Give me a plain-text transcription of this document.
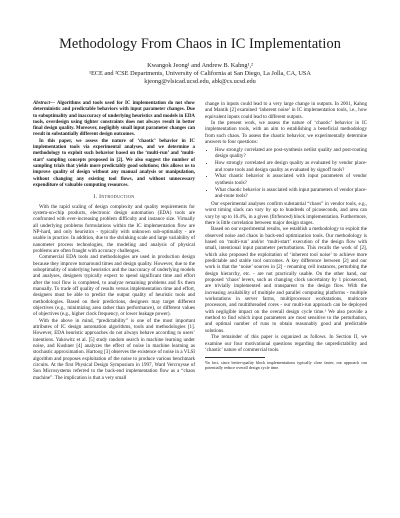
Methodology From Chaos in IC Implementation
Kwangok Jeong¹ and Andrew B. Kahng¹,²
¹ECE and ²CSE Departments, University of California at San Diego, La Jolla, CA, USA
kjeong@vlsicad.ucsd.edu, abk@cs.ucsd.edu

Abstract— Algorithms and tools used for IC implementation do not show deterministic and predictable behaviors with input parameter changes. Due to suboptimality and inaccuracy of underlying heuristics and models in EDA tools, overdesign using tighter constraints does not always result in better final design quality. Moreover, negligibly small input parameter changes can result in substantially different design outcomes.

In this paper, we assess the nature of ‘chaotic’ behavior in IC implementation tools via experimental analyses, and we determine a methodology to exploit such behavior based on the ‘multi-run’ and ‘multi-start’ sampling concepts proposed in [2]. We also suggest the number of sampling trials that yields more predictably good solutions; this allows us to improve quality of design without any manual analysis or manipulation, without changing any existing tool flows, and without unnecessary expenditure of valuable computing resources.

I. Introduction

With the rapid scaling of design complexity and quality requirements for system-on-chip products, electronic design automation (EDA) tools are confronted with ever-increasing problem difficulty and instance size. Virtually all underlying problems formulations within the IC implementation flow are NP-hard, and only heuristics - typically with unknown sub-optimality - are usable in practice. In addition, due to the shrinking scale and large variability of nanometer process technologies, the modeling and analysis of physical problems are often fraught with accuracy challenges.

Commercial EDA tools and methodologies are used in production design because they improve turnaround times and design quality. However, due to the suboptimality of underlying heuristics and the inaccuracy of underlying models and analyses, designers typically expect to spend significant time and effort after the tool flow is completed, to analyze remaining problems and fix them manually. To trade off quality of results versus implementation time and effort, designers must be able to predict the output quality of heuristic tools and methodologies. Based on their predictions, designers may target different objectives (e.g., minimizing area rather than performance), or different values of objectives (e.g., higher clock frequency, or lower leakage power).

With the above in mind, “predictability” is one of the most important attributes of IC design automation algorithms, tools and methodologies [1]. However, EDA heuristic approaches do not always behave according to users’ intentions. Yakowitz et al. [5] study random search in machine learning under noise, and Kushner [4] analyzes the effect of noise in machine learning as stochastic approximation. Hartoog [3] observes the existence of noise in a VLSI algorithm and proposes exploitation of the noise to produce various benchmark circuits. At the first Physical Design Symposium in 1997, Ward Vercruysse of Sun Microsystems referred to the back-end implementation flow as a “chaos machine”. The implication is that a very small

change in inputs could lead to a very large change in outputs. In 2001, Kahng and Mantik [2] examined ‘inherent noise’ in IC implementation tools, i.e., how equivalent inputs could lead to different outputs.

In the present work, we assess the nature of ‘chaotic’ behavior in IC implementation tools, with an aim to establishing a beneficial methodology from such chaos. To assess the chaotic behavior, we experimentally determine answers to four questions:

• How strongly correlated are post-synthesis netlist quality and post-routing design quality?
• How strongly correlated are design quality as evaluated by vendor place-and route tools and design quality as evaluated by signoff tools?
• What chaotic behavior is associated with input parameters of vendor synthesis tools?
• What chaotic behavior is associated with input parameters of vendor place-and-route tools?

Our experimental analyses confirm substantial “chaos” in vendor tools, e.g., worst timing slack can vary by up to hundreds of picoseconds, and area can vary by up to 16.4%, in a given (fit/fenced) block implementation. Furthermore, there is little correlation between major design stages.

Based on our experimental results, we establish a methodology to exploit the observed noise and chaos in back-end optimization tools. Our methodology is based on ‘multi-run’ and/or ‘multi-start’ execution of the design flow with small, intentional input parameter perturbations. This recalls the work of [2], which also proposed the exploitation of ‘inherent tool noise’ to achieve more predictable and stable tool outcomes. A key difference between [2] and our work is that the ‘noise’ sources in [2] - renaming cell instances, perturbing the design hierarchy, etc. - are not practically usable. On the other hand, our proposed ‘chaos’ levers, such as changing clock uncertainty by 1 picosecond, are trivially implemented and transparent to the design flow. With the increasing availability of multiple and parallel computing platforms - multiple workstations in server farms, multiprocessor workstations, multicore processors, and multithreaded cores - our multi-run approach can be deployed with negligible impact on the overall design cycle time.¹ We also provide a method to find which input parameters are most sensitive to the perturbation, and optimal number of runs to obtain reasonably good and predictable solutions.

The remainder of this paper is organized as follows. In Section II, we examine our four motivational questions regarding the unpredictability and ‘chaotic’ nature of commercial tools.

¹In fact, since better-quality block implementations typically close faster, our approach can potentially reduce overall design cycle time.
